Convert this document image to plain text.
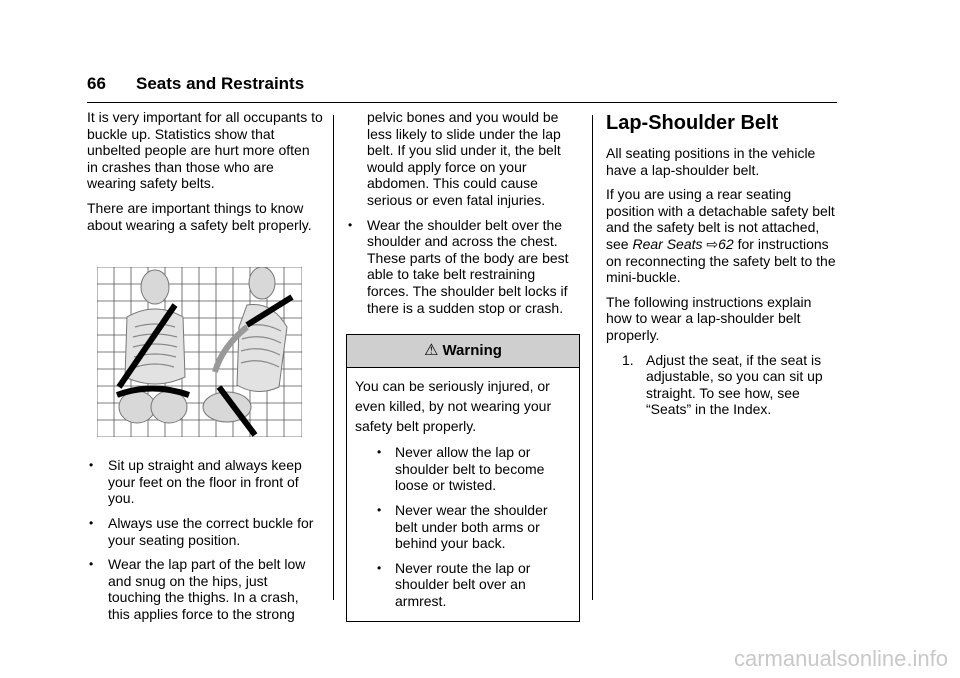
66 Seats and Restraints

It is very important for all occupants to buckle up. Statistics show that unbelted people are hurt more often in crashes than those who are wearing safety belts.

There are important things to know about wearing a safety belt properly.

• Sit up straight and always keep your feet on the floor in front of you.
• Always use the correct buckle for your seating position.
• Wear the lap part of the belt low and snug on the hips, just touching the thighs. In a crash, this applies force to the strong

pelvic bones and you would be less likely to slide under the lap belt. If you slid under it, the belt would apply force on your abdomen. This could cause serious or even fatal injuries.

• Wear the shoulder belt over the shoulder and across the chest. These parts of the body are best able to take belt restraining forces. The shoulder belt locks if there is a sudden stop or crash.
⚠ Warning

You can be seriously injured, or even killed, by not wearing your safety belt properly.

• Never allow the lap or shoulder belt to become loose or twisted.
• Never wear the shoulder belt under both arms or behind your back.
• Never route the lap or shoulder belt over an armrest.
Lap-Shoulder Belt

All seating positions in the vehicle have a lap-shoulder belt.

If you are using a rear seating position with a detachable safety belt and the safety belt is not attached, see Rear Seats ⇨62 for instructions on reconnecting the safety belt to the mini-buckle.

The following instructions explain how to wear a lap-shoulder belt properly.

1. Adjust the seat, if the seat is adjustable, so you can sit up straight. To see how, see “Seats” in the Index.
carmanualsonline.info
